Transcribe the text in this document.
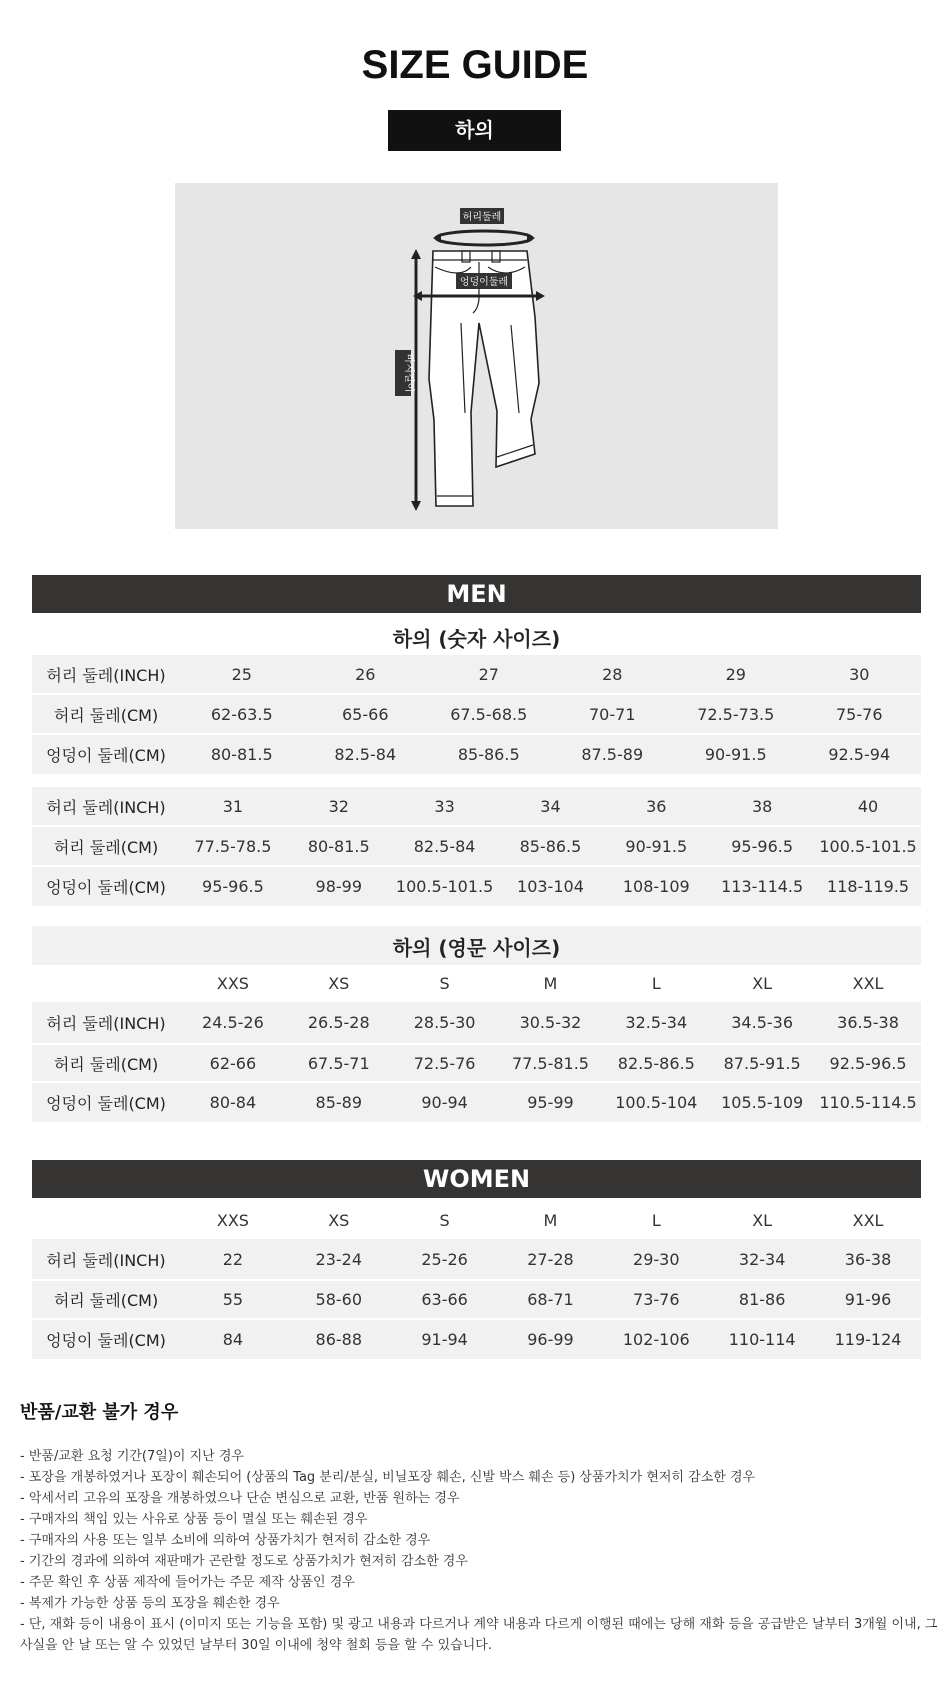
SIZE GUIDE
하의
허리둘레
엉덩이둘레
바지길이
MEN
하의 (숫자 사이즈)
허리 둘레(INCH)	25	26	27	28	29	30
허리 둘레(CM)	62-63.5	65-66	67.5-68.5	70-71	72.5-73.5	75-76
엉덩이 둘레(CM)	80-81.5	82.5-84	85-86.5	87.5-89	90-91.5	92.5-94
허리 둘레(INCH)	31	32	33	34	36	38	40
허리 둘레(CM)	77.5-78.5	80-81.5	82.5-84	85-86.5	90-91.5	95-96.5	100.5-101.5
엉덩이 둘레(CM)	95-96.5	98-99	100.5-101.5	103-104	108-109	113-114.5	118-119.5
하의 (영문 사이즈)
	XXS	XS	S	M	L	XL	XXL
허리 둘레(INCH)	24.5-26	26.5-28	28.5-30	30.5-32	32.5-34	34.5-36	36.5-38
허리 둘레(CM)	62-66	67.5-71	72.5-76	77.5-81.5	82.5-86.5	87.5-91.5	92.5-96.5
엉덩이 둘레(CM)	80-84	85-89	90-94	95-99	100.5-104	105.5-109	110.5-114.5
WOMEN
	XXS	XS	S	M	L	XL	XXL
허리 둘레(INCH)	22	23-24	25-26	27-28	29-30	32-34	36-38
허리 둘레(CM)	55	58-60	63-66	68-71	73-76	81-86	91-96
엉덩이 둘레(CM)	84	86-88	91-94	96-99	102-106	110-114	119-124
반품/교환 불가 경우
- 반품/교환 요청 기간(7일)이 지난 경우
- 포장을 개봉하였거나 포장이 훼손되어 (상품의 Tag 분리/분실, 비닐포장 훼손, 신발 박스 훼손 등) 상품가치가 현저히 감소한 경우
- 악세서리 고유의 포장을 개봉하였으나 단순 변심으로 교환, 반품 원하는 경우
- 구매자의 책임 있는 사유로 상품 등이 멸실 또는 훼손된 경우
- 구매자의 사용 또는 일부 소비에 의하여 상품가치가 현저히 감소한 경우
- 기간의 경과에 의하여 재판매가 곤란할 정도로 상품가치가 현저히 감소한 경우
- 주문 확인 후 상품 제작에 들어가는 주문 제작 상품인 경우
- 복제가 가능한 상품 등의 포장을 훼손한 경우
- 단, 재화 등이 내용이 표시 (이미지 또는 기능을 포함) 및 광고 내용과 다르거나 계약 내용과 다르게 이행된 때에는 당해 재화 등을 공급받은 날부터 3개월 이내, 그 사실을 안 날 또는 알 수 있었던 날부터 30일 이내에 청약 철회 등을 할 수 있습니다.
